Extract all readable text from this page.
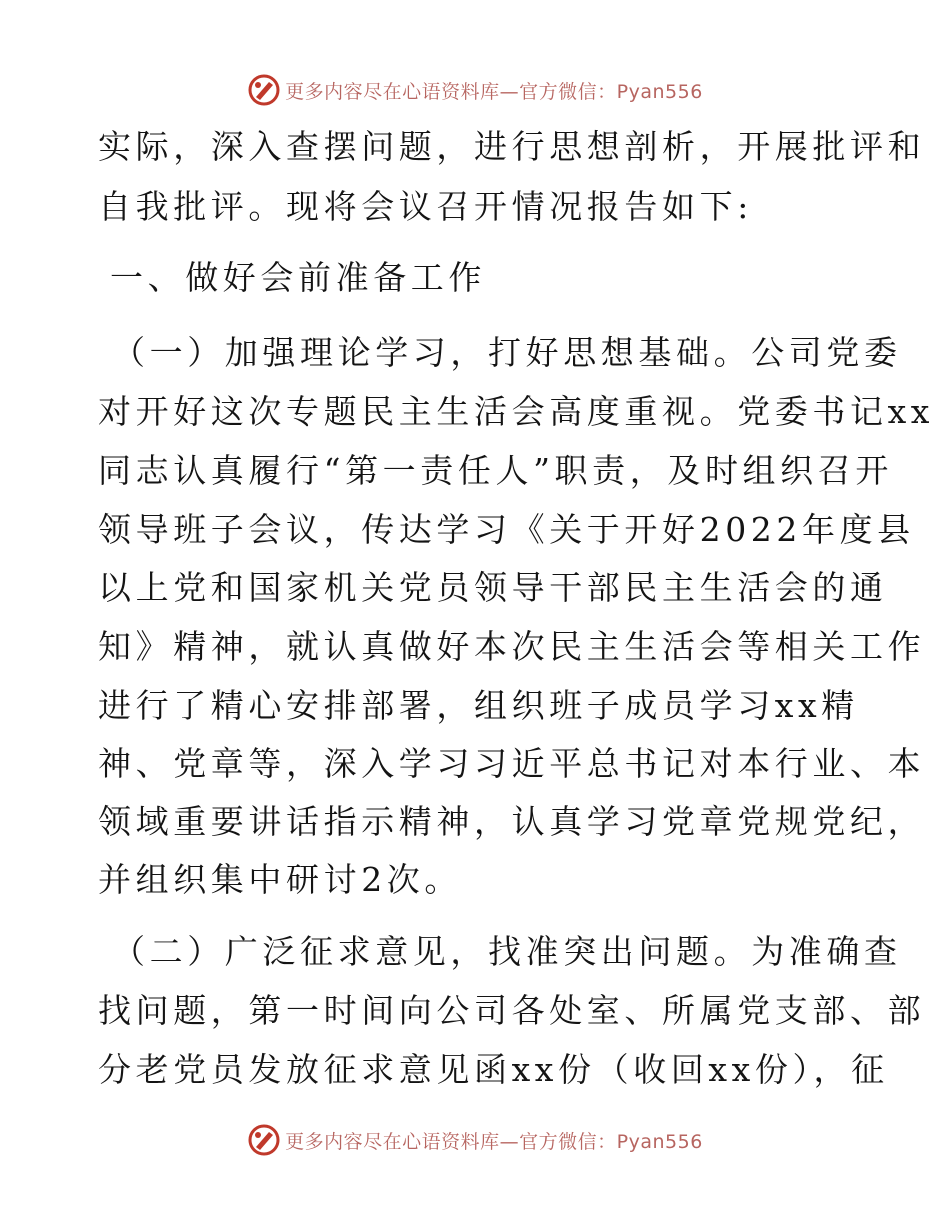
更多内容尽在心语资料库—官方微信：Pyan556
实际，深入查摆问题，进行思想剖析，开展批评和
自我批评。现将会议召开情况报告如下:
一、做好会前准备工作
（一）加强理论学习，打好思想基础。公司党委
对开好这次专题民主生活会高度重视。党委书记xx
同志认真履行“第一责任人”职责，及时组织召开
领导班子会议，传达学习《关于开好2022年度县
以上党和国家机关党员领导干部民主生活会的通
知》精神，就认真做好本次民主生活会等相关工作
进行了精心安排部署，组织班子成员学习xx精
神、党章等，深入学习习近平总书记对本行业、本
领域重要讲话指示精神，认真学习党章党规党纪，
并组织集中研讨2次。
（二）广泛征求意见，找准突出问题。为准确查
找问题，第一时间向公司各处室、所属党支部、部
分老党员发放征求意见函xx份（收回xx份），征
更多内容尽在心语资料库—官方微信：Pyan556
